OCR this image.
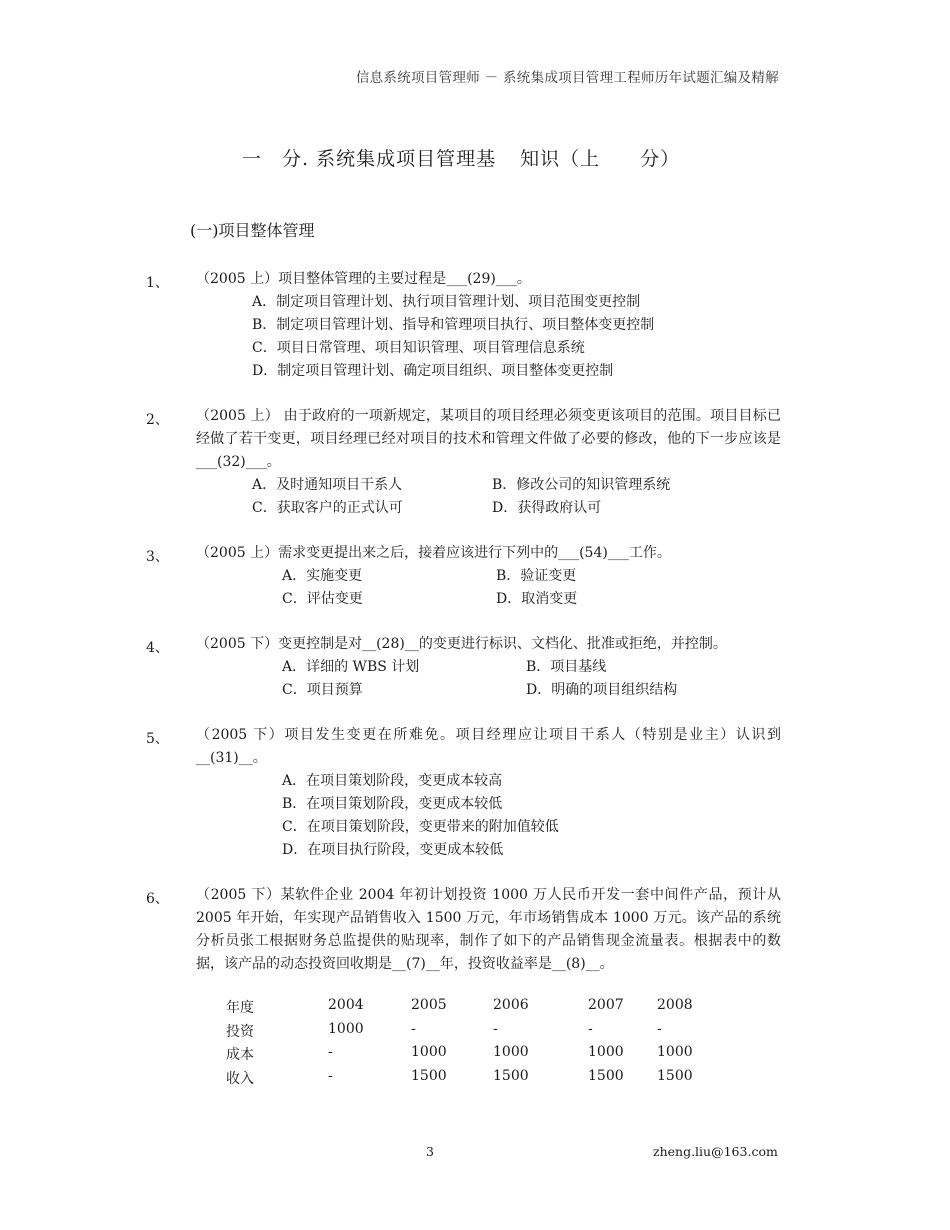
信息系统项目管理师 － 系统集成项目管理工程师历年试题汇编及精解
一 分. 系统集成项目管理基 知识（上 分）
(一)项目整体管理
1、 （2005 上）项目整体管理的主要过程是___(29)___。
A．制定项目管理计划、执行项目管理计划、项目范围变更控制
B．制定项目管理计划、指导和管理项目执行、项目整体变更控制
C．项目日常管理、项目知识管理、项目管理信息系统
D．制定项目管理计划、确定项目组织、项目整体变更控制
2、 （2005 上） 由于政府的一项新规定，某项目的项目经理必须变更该项目的范围。项目目标已经做了若干变更，项目经理已经对项目的技术和管理文件做了必要的修改，他的下一步应该是___(32)___。
A．及时通知项目干系人	B．修改公司的知识管理系统
C．获取客户的正式认可	D．获得政府认可
3、 （2005 上）需求变更提出来之后，接着应该进行下列中的___(54)___工作。
A．实施变更	B．验证变更
C．评估变更	D．取消变更
4、 （2005 下）变更控制是对__(28)__的变更进行标识、文档化、批准或拒绝，并控制。
A．详细的 WBS 计划	B．项目基线
C．项目预算	D．明确的项目组织结构
5、 （2005 下）项目发生变更在所难免。项目经理应让项目干系人（特别是业主）认识到__(31)__。
A．在项目策划阶段，变更成本较高
B．在项目策划阶段，变更成本较低
C．在项目策划阶段，变更带来的附加值较低
D．在项目执行阶段，变更成本较低
6、 （2005 下）某软件企业 2004 年初计划投资 1000 万人民币开发一套中间件产品，预计从 2005 年开始，年实现产品销售收入 1500 万元，年市场销售成本 1000 万元。该产品的系统分析员张工根据财务总监提供的贴现率，制作了如下的产品销售现金流量表。根据表中的数据，该产品的动态投资回收期是__(7)__年，投资收益率是__(8)__。
年度	2004	2005	2006	2007	2008
投资	1000	-	-	-	-
成本	-	1000	1000	1000	1000
收入	-	1500	1500	1500	1500
3	zheng.liu@163.com
